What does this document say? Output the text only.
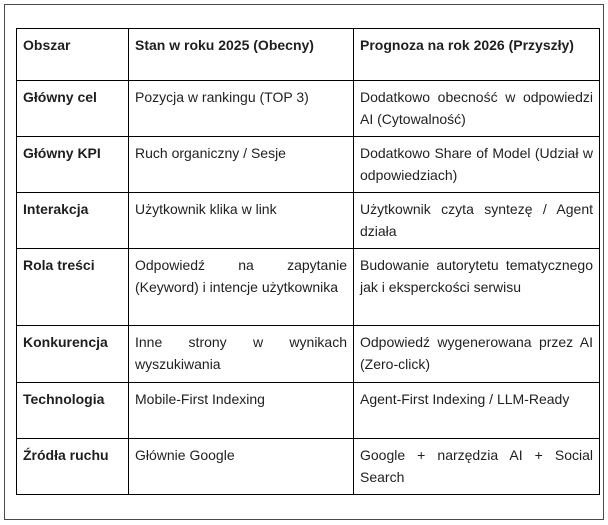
Obszar	Stan w roku 2025 (Obecny)	Prognoza na rok 2026 (Przyszły)
Główny cel	Pozycja w rankingu (TOP 3)	Dodatkowo obecność w odpowiedzi AI (Cytowalność)
Główny KPI	Ruch organiczny / Sesje	Dodatkowo Share of Model (Udział w odpowiedziach)
Interakcja	Użytkownik klika w link	Użytkownik czyta syntezę / Agent działa
Rola treści	Odpowiedź na zapytanie (Keyword) i intencje użytkownika	Budowanie autorytetu tematycznego jak i eksperckości serwisu
Konkurencja	Inne strony w wynikach wyszukiwania	Odpowiedź wygenerowana przez AI (Zero-click)
Technologia	Mobile-First Indexing	Agent-First Indexing / LLM-Ready
Źródła ruchu	Głównie Google	Google + narzędzia AI + Social Search
